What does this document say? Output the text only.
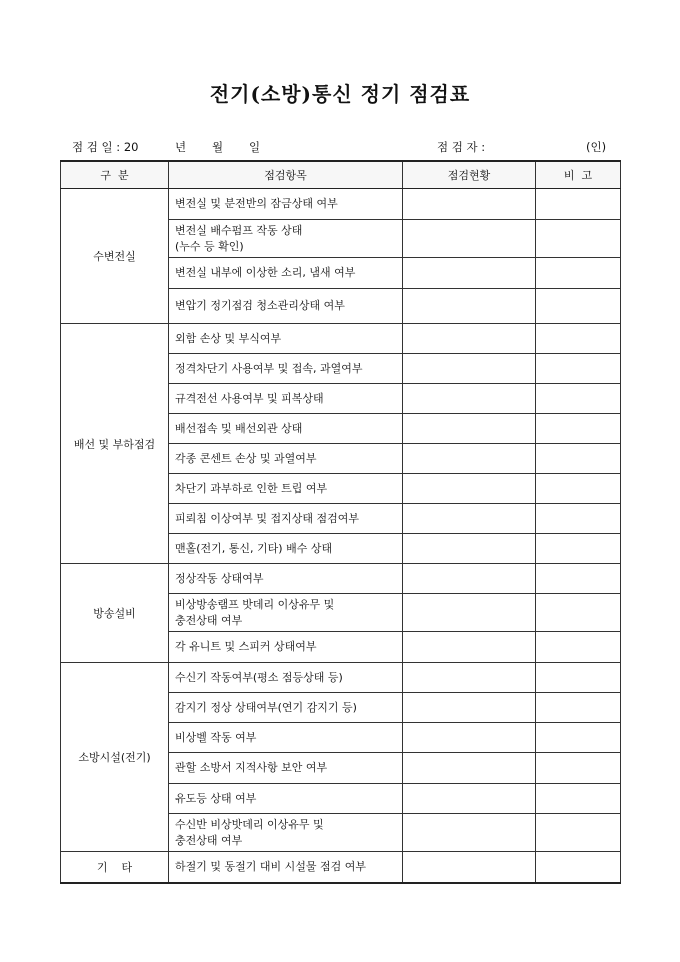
전기(소방)통신 정기 점검표
점 검 일 : 20	년 월 일	점 검 자 :	(인)
구  분	점검항목	점검현황	비  고
수변전실	변전실 및 분전반의 잠금상태 여부		
	변전실 배수펌프 작동 상태
(누수 등 확인)		
	변전실 내부에 이상한 소리, 냄새 여부		
	변압기 정기점검 청소관리상태 여부		
배선 및 부하점검	외함 손상 및 부식여부		
	정격차단기 사용여부 및 접속, 과열여부		
	규격전선 사용여부 및 피복상태		
	배선접속 및 배선외관 상태		
	각종 콘센트 손상 및 과열여부		
	차단기 과부하로 인한 트립 여부		
	피뢰침 이상여부 및 접지상태 점검여부		
	맨홀(전기, 통신, 기타) 배수 상태		
방송설비	정상작동 상태여부		
	비상방송램프 밧데리 이상유무 및
충전상태 여부		
	각 유니트 및 스피커 상태여부		
소방시설(전기)	수신기 작동여부(평소 점등상태 등)		
	감지기 정상 상태여부(연기 감지기 등)		
	비상벨 작동 여부		
	관할 소방서 지적사항 보안 여부		
	유도등 상태 여부		
	수신반 비상밧데리 이상유무 및
충전상태 여부		
기    타	하절기 및 동절기 대비 시설물 점검 여부		
